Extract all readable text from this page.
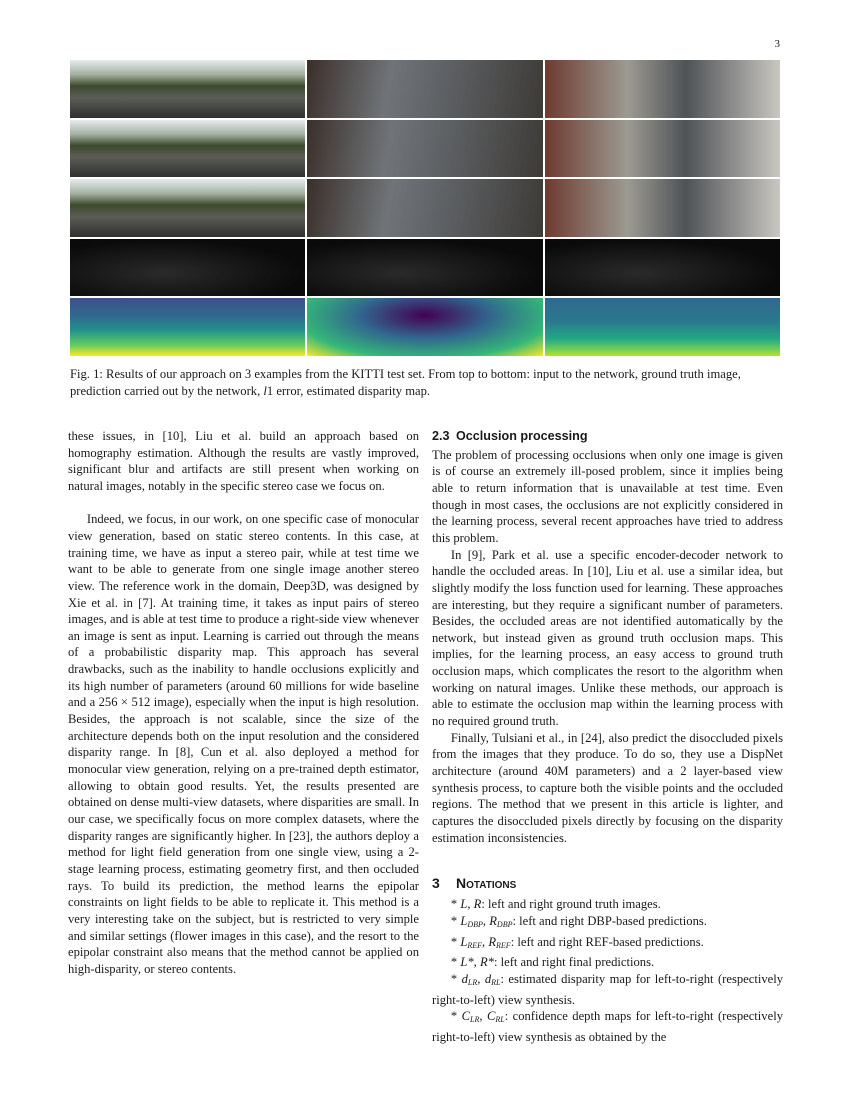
3
Fig. 1: Results of our approach on 3 examples from the KITTI test set. From top to bottom: input to the network, ground truth image, prediction carried out by the network, l1 error, estimated disparity map.

these issues, in [10], Liu et al. build an approach based on homography estimation. Although the results are vastly improved, significant blur and artifacts are still present when working on natural images, notably in the specific stereo case we focus on.

Indeed, we focus, in our work, on one specific case of monocular view generation, based on static stereo contents. In this case, at training time, we have as input a stereo pair, while at test time we want to be able to generate from one single image another stereo view. The reference work in the domain, Deep3D, was designed by Xie et al. in [7]. At training time, it takes as input pairs of stereo images, and is able at test time to produce a right-side view whenever an image is sent as input. Learning is carried out through the means of a probabilistic disparity map. This approach has several drawbacks, such as the inability to handle occlusions explicitly and its high number of parameters (around 60 millions for wide baseline and a 256 × 512 image), especially when the input is high resolution. Besides, the approach is not scalable, since the size of the architecture depends both on the input resolution and the considered disparity range. In [8], Cun et al. also deployed a method for monocular view generation, relying on a pre-trained depth estimator, allowing to obtain good results. Yet, the results presented are obtained on dense multi-view datasets, where disparities are small. In our case, we specifically focus on more complex datasets, where the disparity ranges are significantly higher. In [23], the authors deploy a method for light field generation from one single view, using a 2-stage learning process, estimating geometry first, and then occluded rays. To build its prediction, the method learns the epipolar constraints on light fields to be able to replicate it. This method is a very interesting take on the subject, but is restricted to very simple and similar settings (flower images in this case), and the resort to the epipolar constraint also means that the method cannot be applied on high-disparity, or stereo contents.

2.3 Occlusion processing

The problem of processing occlusions when only one image is given is of course an extremely ill-posed problem, since it implies being able to return information that is unavailable at test time. Even though in most cases, the occlusions are not explicitly considered in the learning process, several recent approaches have tried to address this problem.

In [9], Park et al. use a specific encoder-decoder network to handle the occluded areas. In [10], Liu et al. use a similar idea, but slightly modify the loss function used for learning. These approaches are interesting, but they require a significant number of parameters. Besides, the occluded areas are not identified automatically by the network, but instead given as ground truth occlusion maps. This implies, for the learning process, an easy access to ground truth occlusion maps, which complicates the resort to the algorithm when working on natural images. Unlike these methods, our approach is able to estimate the occlusion map within the learning process with no required ground truth.

Finally, Tulsiani et al., in [24], also predict the disoccluded pixels from the images that they produce. To do so, they use a DispNet architecture (around 40M parameters) and a 2 layer-based view synthesis process, to capture both the visible points and the occluded regions. The method that we present in this article is lighter, and captures the disoccluded pixels directly by focusing on the disparity estimation inconsistencies.

3 Notations

* L, R: left and right ground truth images.

* $L_{DBP}$, $R_{DBP}$: left and right DBP-based predictions.

* $L_{REF}$, $R_{REF}$: left and right REF-based predictions.

* L*, R*: left and right final predictions.

* $d_{LR}$, $d_{RL}$: estimated disparity map for left-to-right (respectively right-to-left) view synthesis.

* $C_{LR}$, $C_{RL}$: confidence depth maps for left-to-right (respectively right-to-left) view synthesis as obtained by the
